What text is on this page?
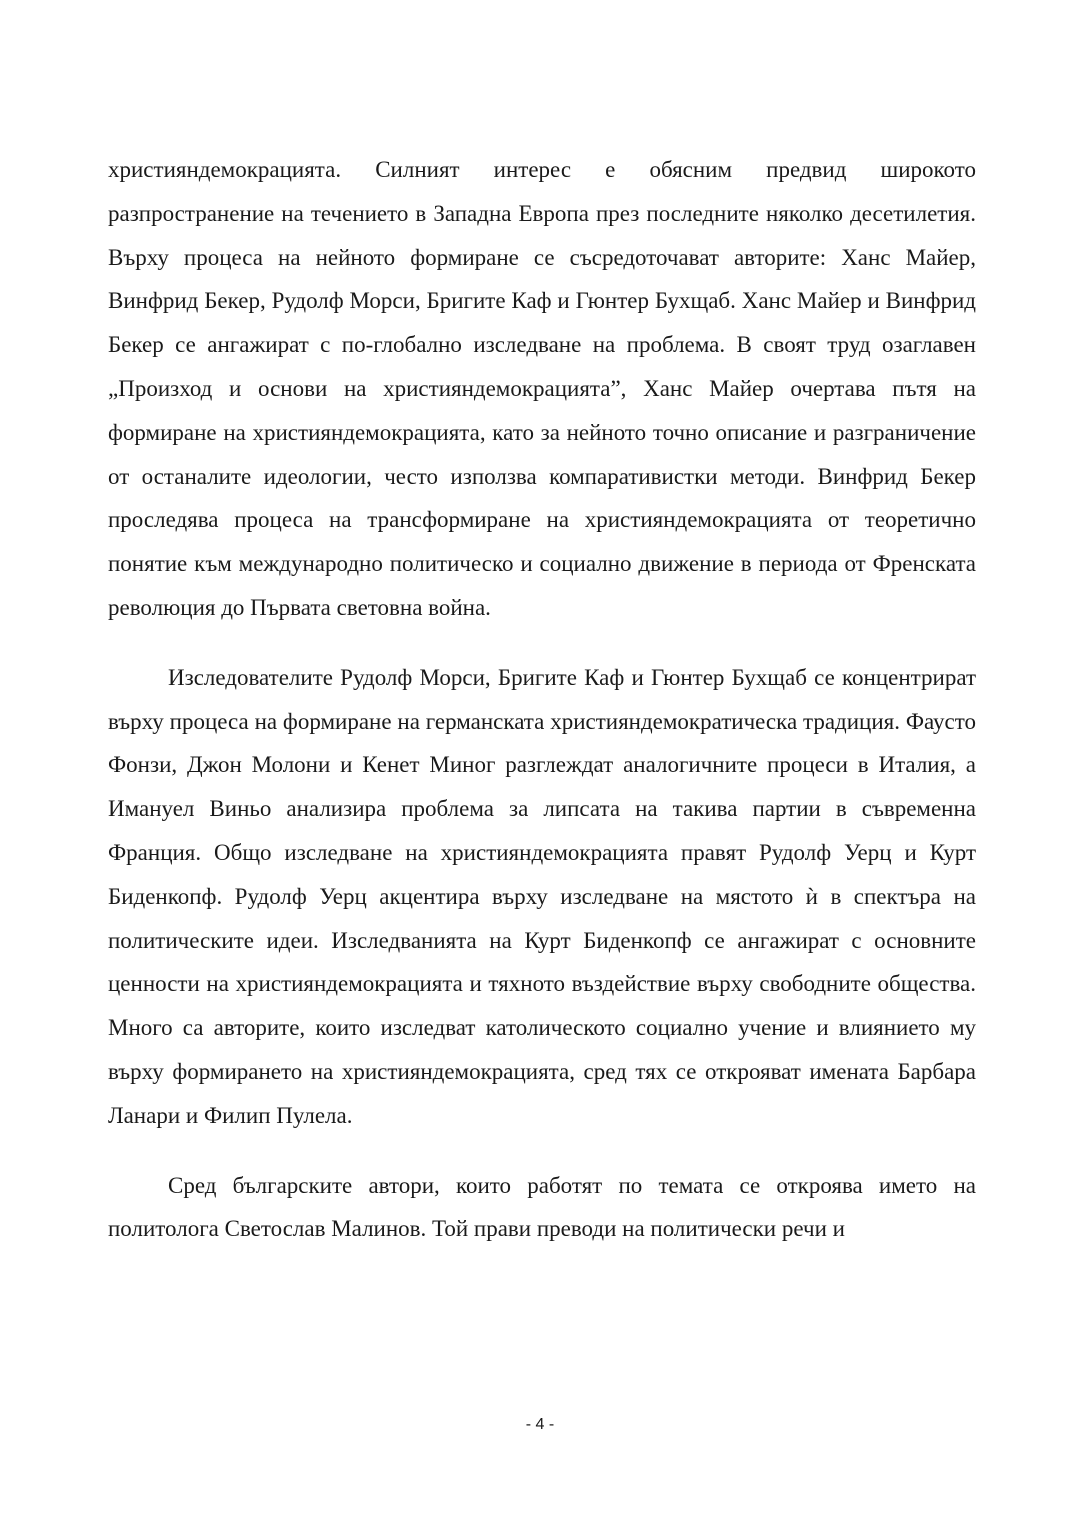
християндемокрацията. Силният интерес е обясним предвид широкото разпространение на течението в Западна Европа през последните няколко десетилетия. Върху процеса на нейното формиране се съсредоточават авторите: Ханс Майер, Винфрид Бекер, Рудолф Морси, Бригите Каф и Гюнтер Бухщаб. Ханс Майер и Винфрид Бекер се ангажират с по-глобално изследване на проблема. В своят труд озаглавен „Произход и основи на християндемокрацията”, Ханс Майер очертава пътя на формиране на християндемокрацията, като за нейното точно описание и разграничение от останалите идеологии, често използва компаративистки методи. Винфрид Бекер проследява процеса на трансформиране на християндемокрацията от теоретично понятие към международно политическо и социално движение в периода от Френската революция до Първата световна война.

Изследователите Рудолф Морси, Бригите Каф и Гюнтер Бухщаб се концентрират върху процеса на формиране на германската християндемократическа традиция. Фаусто Фонзи, Джон Молони и Кенет Миног разглеждат аналогичните процеси в Италия, а Имануел Виньо анализира проблема за липсата на такива партии в съвременна Франция. Общо изследване на християндемокрацията правят Рудолф Уерц и Курт Биденкопф. Рудолф Уерц акцентира върху изследване на мястото ѝ в спектъра на политическите идеи. Изследванията на Курт Биденкопф се ангажират с основните ценности на християндемокрацията и тяхното въздействие върху свободните общества. Много са авторите, които изследват католическото социално учение и влиянието му върху формирането на християндемокрацията, сред тях се открояват имената Барбара Ланари и Филип Пулела.

Сред българските автори, които работят по темата се откроява името на политолога Светослав Малинов. Той прави преводи на политически речи и

- 4 -
